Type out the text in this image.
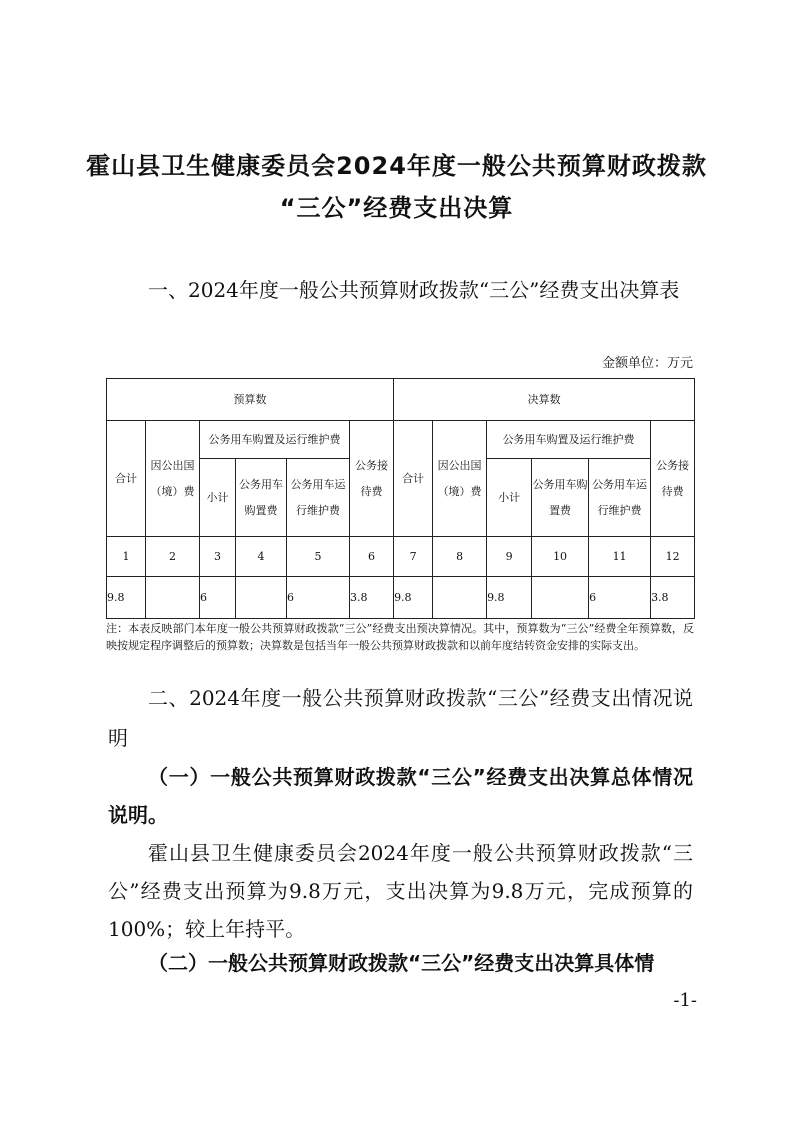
霍山县卫生健康委员会2024年度一般公共预算财政拨款
“三公”经费支出决算
一、2024年度一般公共预算财政拨款“三公”经费支出决算表
金额单位：万元
预算数						决算数					
合计	因公出国（境）费	公务用车购置及运行维护费			公务接待费	合计	因公出国（境）费	公务用车购置及运行维护费			公务接待费
		小计	公务用车购置费	公务用车运行维护费				小计	公务用车购置费	公务用车运行维护费	
1	2	3	4	5	6	7	8	9	10	11	12
9.8		6		6	3.8	9.8		9.8		6	3.8
注：本表反映部门本年度一般公共预算财政拨款“三公”经费支出预决算情况。其中，预算数为“三公”经费全年预算数，反映按规定程序调整后的预算数；决算数是包括当年一般公共预算财政拨款和以前年度结转资金安排的实际支出。
二、2024年度一般公共预算财政拨款“三公”经费支出情况说明
（一）一般公共预算财政拨款“三公”经费支出决算总体情况说明。
霍山县卫生健康委员会2024年度一般公共预算财政拨款“三公”经费支出预算为9.8万元，支出决算为9.8万元，完成预算的100%；较上年持平。
（二）一般公共预算财政拨款“三公”经费支出决算具体情
-1-
